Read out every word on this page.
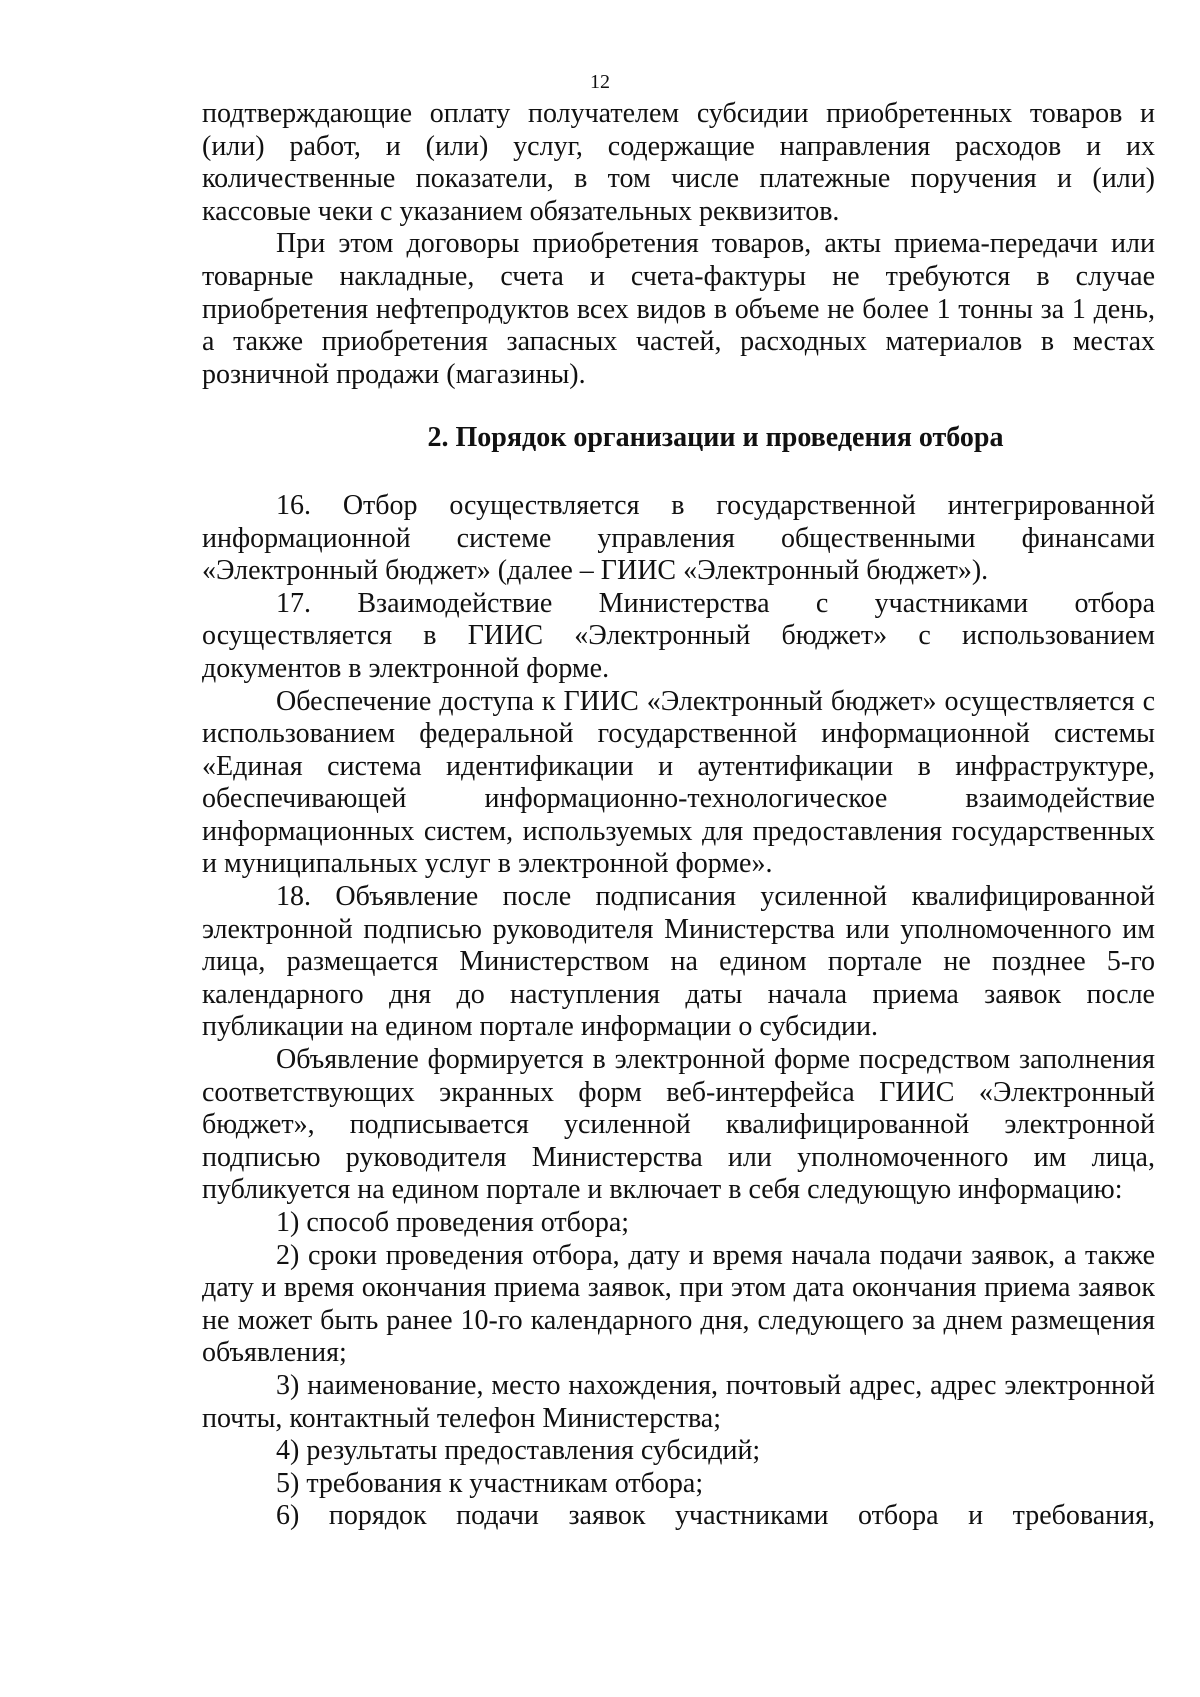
12

подтверждающие оплату получателем субсидии приобретенных товаров и (или) работ, и (или) услуг, содержащие направления расходов и их количественные показатели, в том числе платежные поручения и (или) кассовые чеки с указанием обязательных реквизитов.

При этом договоры приобретения товаров, акты приема-передачи или товарные накладные, счета и счета-фактуры не требуются в случае приобретения нефтепродуктов всех видов в объеме не более 1 тонны за 1 день, а также приобретения запасных частей, расходных материалов в местах розничной продажи (магазины).

2. Порядок организации и проведения отбора

16. Отбор осуществляется в государственной интегрированной информационной системе управления общественными финансами «Электронный бюджет» (далее – ГИИС «Электронный бюджет»).

17. Взаимодействие Министерства с участниками отбора осуществляется в ГИИС «Электронный бюджет» с использованием документов в электронной форме.

Обеспечение доступа к ГИИС «Электронный бюджет» осуществляется с использованием федеральной государственной информационной системы «Единая система идентификации и аутентификации в инфраструктуре, обеспечивающей информационно-технологическое взаимодействие информационных систем, используемых для предоставления государственных и муниципальных услуг в электронной форме».

18. Объявление после подписания усиленной квалифицированной электронной подписью руководителя Министерства или уполномоченного им лица, размещается Министерством на едином портале не позднее 5-го календарного дня до наступления даты начала приема заявок после публикации на едином портале информации о субсидии.

Объявление формируется в электронной форме посредством заполнения соответствующих экранных форм веб-интерфейса ГИИС «Электронный бюджет», подписывается усиленной квалифицированной электронной подписью руководителя Министерства или уполномоченного им лица, публикуется на едином портале и включает в себя следующую информацию:

1) способ проведения отбора;

2) сроки проведения отбора, дату и время начала подачи заявок, а также дату и время окончания приема заявок, при этом дата окончания приема заявок не может быть ранее 10-го календарного дня, следующего за днем размещения объявления;

3) наименование, место нахождения, почтовый адрес, адрес электронной почты, контактный телефон Министерства;

4) результаты предоставления субсидий;

5) требования к участникам отбора;

6) порядок подачи заявок участниками отбора и требования,
